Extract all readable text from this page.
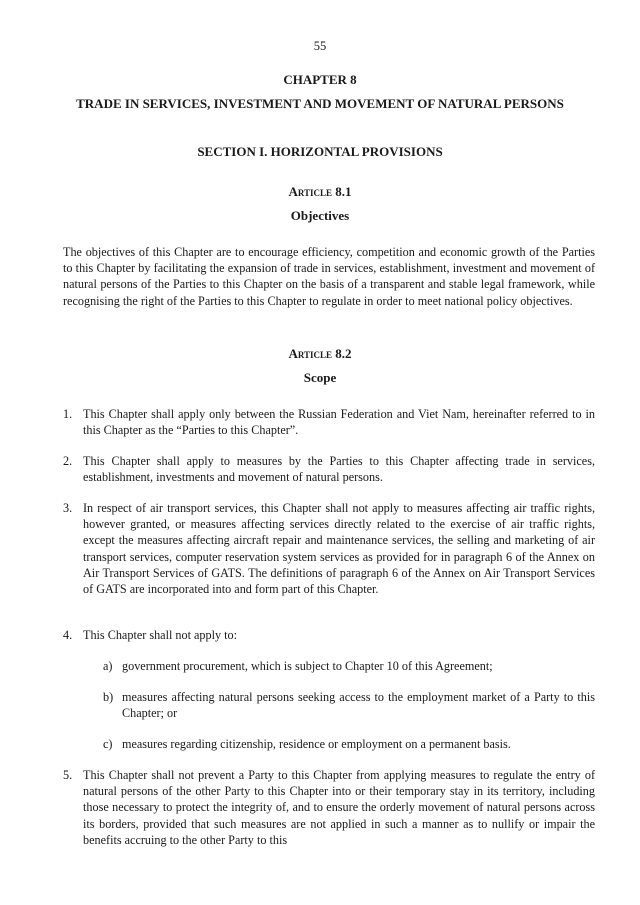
55
CHAPTER 8
TRADE IN SERVICES, INVESTMENT AND MOVEMENT OF NATURAL PERSONS
SECTION I. HORIZONTAL PROVISIONS
Article 8.1
Objectives

The objectives of this Chapter are to encourage efficiency, competition and economic growth of the Parties to this Chapter by facilitating the expansion of trade in services, establishment, investment and movement of natural persons of the Parties to this Chapter on the basis of a transparent and stable legal framework, while recognising the right of the Parties to this Chapter to regulate in order to meet national policy objectives.

Article 8.2
Scope
1. This Chapter shall apply only between the Russian Federation and Viet Nam, hereinafter referred to in this Chapter as the “Parties to this Chapter”.
2. This Chapter shall apply to measures by the Parties to this Chapter affecting trade in services, establishment, investments and movement of natural persons.
3. In respect of air transport services, this Chapter shall not apply to measures affecting air traffic rights, however granted, or measures affecting services directly related to the exercise of air traffic rights, except the measures affecting aircraft repair and maintenance services, the selling and marketing of air transport services, computer reservation system services as provided for in paragraph 6 of the Annex on Air Transport Services of GATS. The definitions of paragraph 6 of the Annex on Air Transport Services of GATS are incorporated into and form part of this Chapter.
4. This Chapter shall not apply to:
a) government procurement, which is subject to Chapter 10 of this Agreement;
b) measures affecting natural persons seeking access to the employment market of a Party to this Chapter; or
c) measures regarding citizenship, residence or employment on a permanent basis.
5. This Chapter shall not prevent a Party to this Chapter from applying measures to regulate the entry of natural persons of the other Party to this Chapter into or their temporary stay in its territory, including those necessary to protect the integrity of, and to ensure the orderly movement of natural persons across its borders, provided that such measures are not applied in such a manner as to nullify or impair the benefits accruing to the other Party to this
